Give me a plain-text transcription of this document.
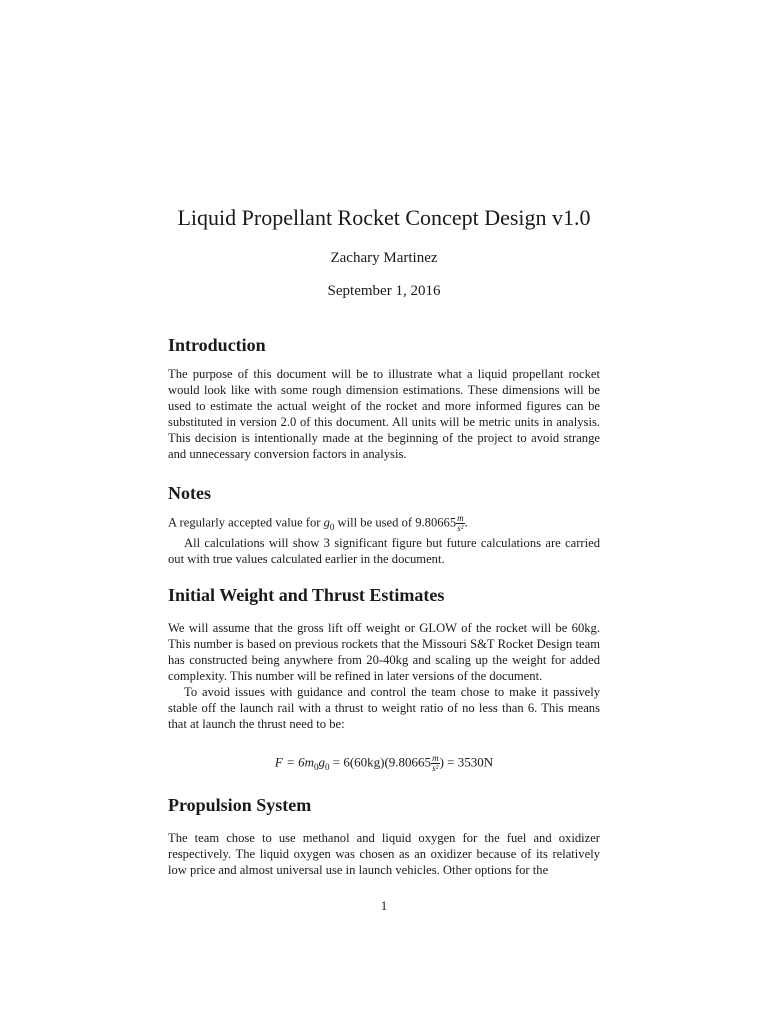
Liquid Propellant Rocket Concept Design v1.0
Zachary Martinez
September 1, 2016
Introduction

The purpose of this document will be to illustrate what a liquid propellant rocket would look like with some rough dimension estimations. These dimensions will be used to estimate the actual weight of the rocket and more informed figures can be substituted in version 2.0 of this document. All units will be metric units in analysis. This decision is intentionally made at the beginning of the project to avoid strange and unnecessary conversion factors in analysis.

Notes

A regularly accepted value for $g_0$ will be used of $9.80665 \frac{m}{\text{s²}}$ .

All calculations will show 3 significant figure but future calculations are carried out with true values calculated earlier in the document.

Initial Weight and Thrust Estimates

We will assume that the gross lift off weight or GLOW of the rocket will be 60kg. This number is based on previous rockets that the Missouri S&T Rocket Design team has constructed being anywhere from 20-40kg and scaling up the weight for added complexity. This number will be refined in later versions of the document.

To avoid issues with guidance and control the team chose to make it passively stable off the launch rail with a thrust to weight ratio of no less than 6. This means that at launch the thrust need to be:

$F = 6m_0g_0 = 6(60kg)(9.80665 \frac{m}{\text{s²}}$ ) = 3530N
Propulsion System

The team chose to use methanol and liquid oxygen for the fuel and oxidizer respectively. The liquid oxygen was chosen as an oxidizer because of its relatively low price and almost universal use in launch vehicles. Other options for the

1
